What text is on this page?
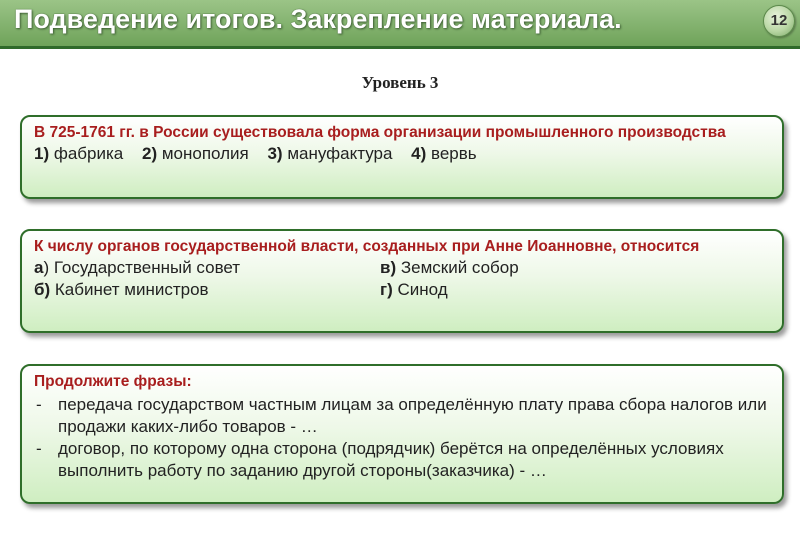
Подведение итогов. Закрепление материала.	12
Уровень 3
В 725-1761 гг. в России существовала форма организации промышленного производства
1) фабрика 2) монополия 3) мануфактура 4) вервь
К числу органов государственной власти, созданных при Анне Иоанновне, относится
а) Государственный совет	в) Земский собор
б) Кабинет министров	г) Синод
Продолжите фразы:
- передача государством частным лицам за определённую плату права сбора налогов или продажи каких-либо товаров - …
- договор, по которому одна сторона (подрядчик) берётся на определённых условиях выполнить работу по заданию другой стороны(заказчика) - …
